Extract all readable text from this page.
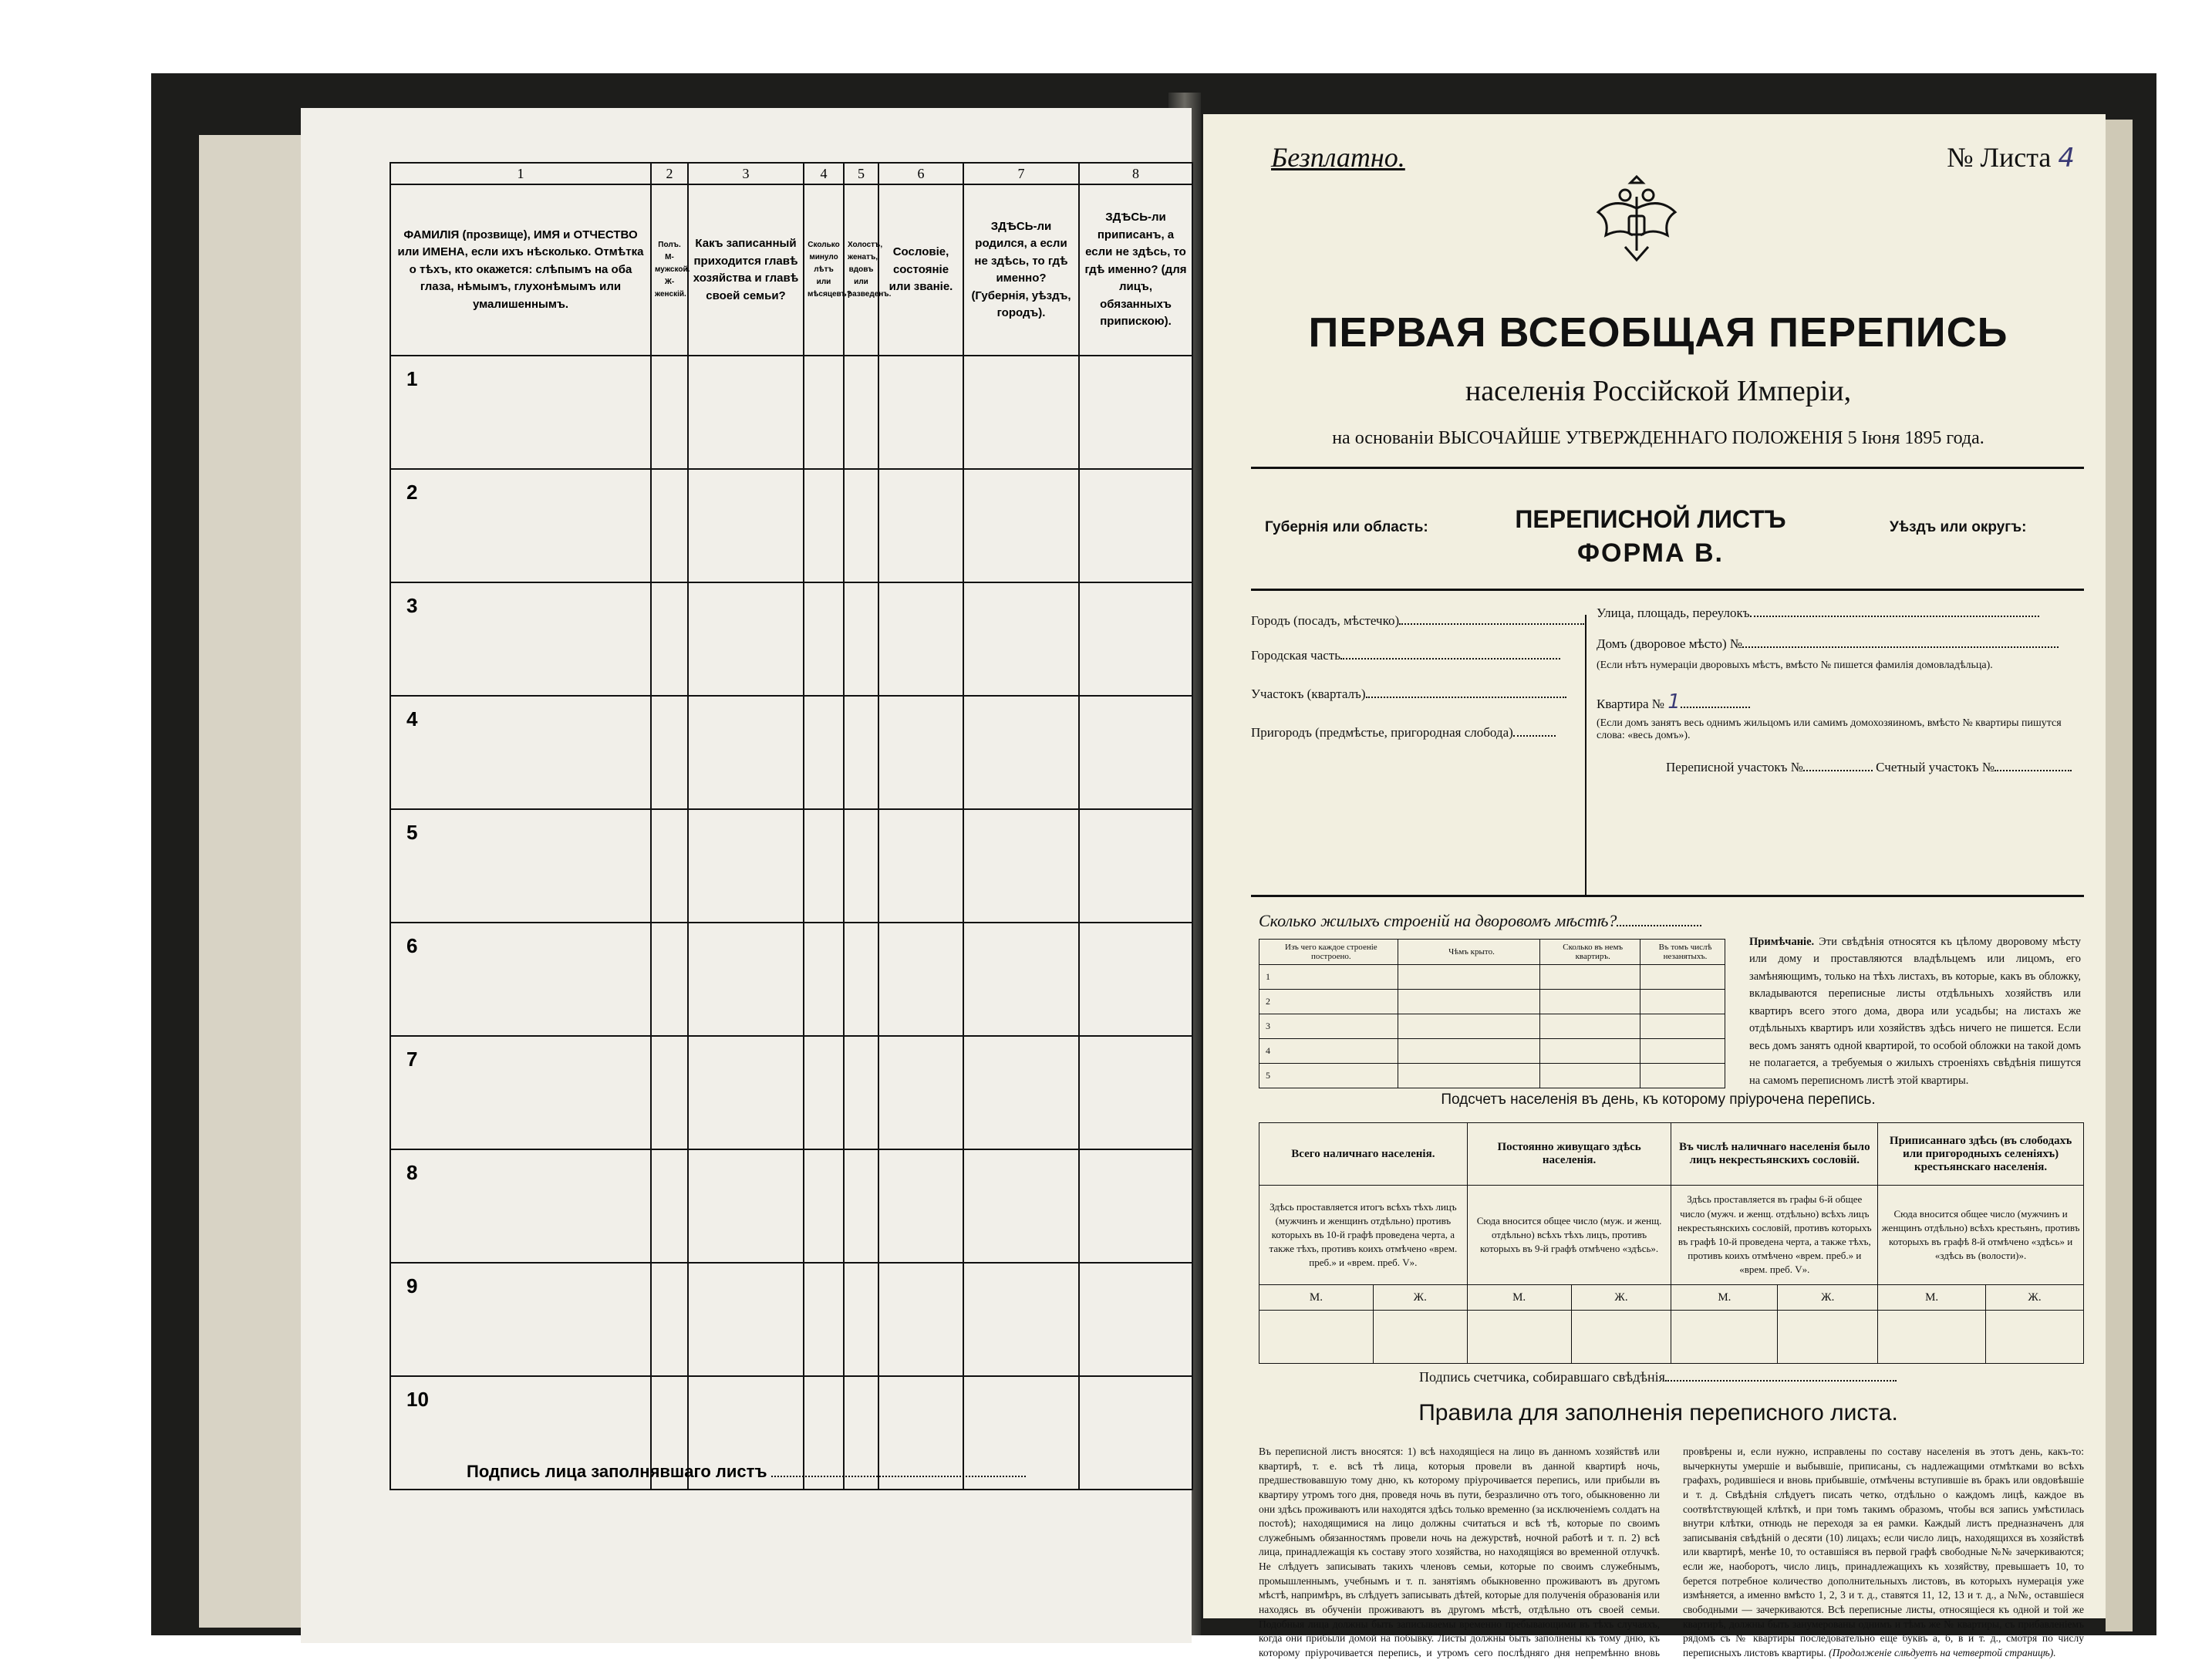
1	2	3	4	5	6	7	8
ФАМИЛІЯ (прозвище), ИМЯ и ОТЧЕСТВО или ИМЕНА, если ихъ нѣсколько. Отмѣтка о тѣхъ, кто окажется: слѣпымъ на оба глаза, нѣмымъ, глухонѣмымъ или умалишеннымъ.	Полъ. М-мужской. Ж-женскій.	Какъ записанный приходится главѣ хозяйства и главѣ своей семьи?	Сколько минуло лѣтъ или мѣсяцевъ?	Холостъ, женатъ, вдовъ или разведенъ.	Сословіе, состояніе или званіе.	ЗДѢСЬ-ли родился, а если не здѣсь, то гдѣ именно? (Губернія, уѣздъ, городъ).	ЗДѢСЬ-ли приписанъ, а если не здѣсь, то гдѣ именно? (для лицъ, обязанныхъ припискою).
1							
2							
3							
4							
5							
6							
7							
8							
9							
10							
Подпись лица заполнявшаго листъ
Безплатно.	№ Листа 4
ПЕРВАЯ ВСЕОБЩАЯ ПЕРЕПИСЬ
населенія Россійской Имперіи,
на основаніи ВЫСОЧАЙШЕ УТВЕРЖДЕННАГО ПОЛОЖЕНІЯ 5 Іюня 1895 года.
Губернія или область:	ПЕРЕПИСНОЙ ЛИСТЪ
ФОРМА В.
Уѣздъ или округъ:
Городъ (посадъ, мѣстечко)
Городская часть
Участокъ (кварталъ)
Пригородъ (предмѣстье, пригородная слобода)
Улица, площадь, переулокъ
Домъ (дворовое мѣсто) №
(Если нѣтъ нумераціи дворовыхъ мѣстъ, вмѣсто № пишется фамилія домовладѣльца).
Квартира № 1
(Если домъ занятъ весь однимъ жильцомъ или самимъ домохозяиномъ, вмѣсто № квартиры пишутся слова: «весь домъ»).
Переписной участокъ №	Счетный участокъ №
Сколько жилыхъ строеній на дворовомъ мѣстѣ?
Изъ чего каждое строеніе построено.	Чѣмъ крыто.	Сколько въ немъ квартиръ.	Въ томъ числѣ незанятыхъ.
1			
2			
3			
4			
5			
Примѣчаніе. Эти свѣдѣнія относятся къ цѣлому дворовому мѣсту или дому и проставляются владѣльцемъ или лицомъ, его замѣняющимъ, только на тѣхъ листахъ, въ которые, какъ въ обложку, вкладываются переписные листы отдѣльныхъ хозяйствъ или квартиръ всего этого дома, двора или усадьбы; на листахъ же отдѣльныхъ квартиръ или хозяйствъ здѣсь ничего не пишется. Если весь домъ занятъ одной квартирой, то особой обложки на такой домъ не полагается, а требуемыя о жилыхъ строеніяхъ свѣдѣнія пишутся на самомъ переписномъ листѣ этой квартиры.
Подсчетъ населенія въ день, къ которому пріурочена перепись.
Всего наличнаго населенія.		Постоянно живущаго здѣсь населенія.		Въ числѣ наличнаго населенія было лицъ некрестьянскихъ сословій.		Приписаннаго здѣсь (въ слободахъ или пригородныхъ селеніяхъ) крестьянскаго населенія.	
Здѣсь проставляется итогъ всѣхъ тѣхъ лицъ (мужчинъ и женщинъ отдѣльно) противъ которыхъ въ 10-й графѣ проведена черта, а также тѣхъ, противъ коихъ отмѣчено «врем. преб.» и «врем. преб. V».		Сюда вносится общее число (муж. и женщ. отдѣльно) всѣхъ тѣхъ лицъ, противъ которыхъ въ 9-й графѣ отмѣчено «здѣсь».		Здѣсь проставляется въ графы 6-й общее число (мужч. и женщ. отдѣльно) всѣхъ лицъ некрестьянскихъ сословій, противъ которыхъ въ графѣ 10-й проведена черта, а также тѣхъ, противъ коихъ отмѣчено «врем. преб.» и «врем. преб. V».		Сюда вносится общее число (мужчинъ и женщинъ отдѣльно) всѣхъ крестьянъ, противъ которыхъ въ графѣ 8-й отмѣчено «здѣсь» и «здѣсь въ (волости)».	
М.	Ж.	М.	Ж.	М.	Ж.	М.	Ж.

Подпись счетчика, собиравшаго свѣдѣнія
Правила для заполненія переписного листа.
Въ переписной листъ вносятся: 1) всѣ находящіеся на лицо въ данномъ хозяйствѣ или квартирѣ, т. е. всѣ тѣ лица, которыя провели въ данной квартирѣ ночь, предшествовавшую тому дню, къ которому пріурочивается перепись, или прибыли въ квартиру утромъ того дня, проведя ночь въ пути, безразлично отъ того, обыкновенно ли они здѣсь проживаютъ или находятся здѣсь только временно (за исключеніемъ солдатъ на постоѣ); находящимися на лицо должны считаться и всѣ тѣ, которые по своимъ служебнымъ обязанностямъ провели ночь на дежурствѣ, ночной работѣ и т. п. 2) всѣ лица, принадлежащія къ составу этого хозяйства, но находящіяся во временной отлучкѣ. Не слѣдуетъ записывать такихъ членовъ семьи, которые по своимъ служебнымъ, промышленнымъ, учебнымъ и т. п. занятіямъ обыкновенно проживаютъ въ другомъ мѣстѣ, напримѣръ, въ слѣдуетъ записывать дѣтей, которые для полученія образованія или находясь въ обученіи проживаютъ въ другомъ мѣстѣ, отдѣльно отъ своей семьи. Подобныя лица должны быть записываемы временно пребывающими въ тѣхъ случаяхъ, когда они прибыли домой на побывку. Листы должны быть заполнены къ тому дню, къ которому пріурочивается перепись, и утромъ сего послѣдняго дня непремѣнно вновь провѣрены и, если нужно, исправлены по составу населенія въ этотъ день, какъ-то: вычеркнуты умершіе и выбывшіе, приписаны, съ надлежащими отмѣтками во всѣхъ графахъ, родившіеся и вновь прибывшіе, отмѣчены вступившіе въ бракъ или овдовѣвшіе и т. д. Свѣдѣнія слѣдуетъ писать четко, отдѣльно о каждомъ лицѣ, каждое въ соотвѣтствующей клѣткѣ, и при томъ такимъ образомъ, чтобы вся запись умѣстилась внутри клѣтки, отнюдь не переходя за ея рамки. Каждый листъ предназначенъ для записыванія свѣдѣній о десяти (10) лицахъ; если число лицъ, находящихся въ хозяйствѣ или квартирѣ, менѣе 10, то оставшіяся въ первой графѣ свободные №№ зачеркиваются; если же, наоборотъ, число лицъ, принадлежащихъ къ хозяйству, превышаетъ 10, то берется потребное количество дополнительныхъ листовъ, въ которыхъ нумерація уже измѣняется, а именно вмѣсто 1, 2, 3 и т. д., ставятся 11, 12, 13 и т. д., а №№, оставшіеся свободными — зачеркиваются. Всѣ переписные листы, относящіеся къ одной и той же квартирѣ, должны быть занумерованы однимъ и тѣмъ же № квартиры, съ прибавленіемъ рядомъ съ № квартиры последовательно еще буквъ а, б, в и т. д., смотря по числу переписныхъ листовъ квартиры. (Продолженіе слѣдуетъ на четвертой страницѣ).
